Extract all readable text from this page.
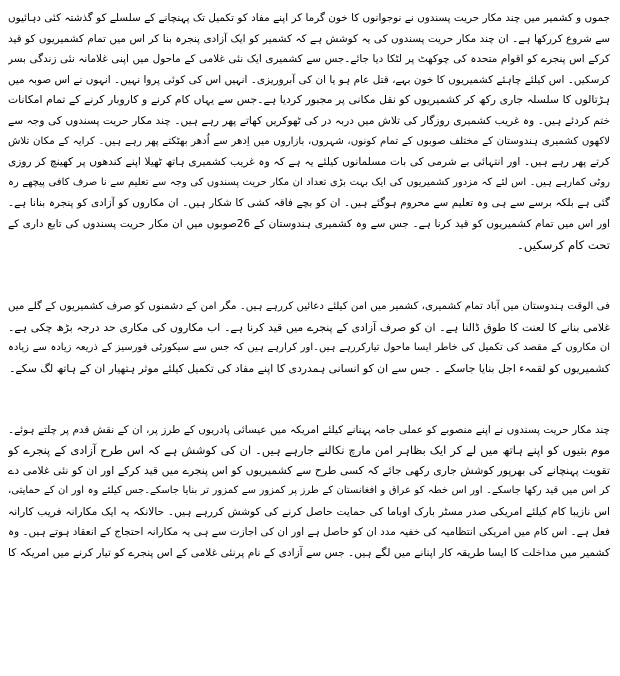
جموں و کشمیر میں چند مکار حریت پسندوں نے نوجوانوں کا خون گرما کر اپنے مفاد کو تکمیل تک پہنچانے کے سلسلے کو گذشتہ کئی دہائیوں
سے شروع کررکھا ہے۔ ان چند مکار حریت پسندوں کی یہ کوشش ہے کہ کشمیر کو ایک آزادی پنجرہ بنا کر اس میں تمام کشمیریوں کو قید
کرکے اس پنجرے کو اقوام متحدہ کی چوکھٹ پر لٹکا دیا جائے۔جس سے کشمیری ایک نئی غلامی کے ماحول میں اپنی غلامانہ نئی زندگی بسر
کرسکیں۔ اس کیلئے چاہئے کشمیریوں کا خون بہے، قتل عام ہو یا ان کی آبروریزی۔ انہیں اس کی کوئی پروا نہیں۔ انہوں نے اس صوبہ میں
ہڑتالوں کا سلسلہ جاری رکھ کر کشمیریوں کو نقل مکانی پر مجبور کردیا ہے۔جس سے یہاں کام کرنے و کاروبار کرنے کے تمام امکانات
ختم کردئے ہیں۔ وہ غریب کشمیری روزگار کی تلاش میں دربہ در کی ٹھوکریں کھاتے پھر رہے ہیں۔ چند مکار حریت پسندوں کی وجہ سے
لاکھوں کشمیری ہندوستان کے مختلف صوبوں کے تمام کونوں، شہروں، بازاروں میں اِدھر سے اُدھر بھٹکتے پھر رہے ہیں۔ کرایہ کے مکان تلاش
کرتے پھر رہے ہیں۔ اور انتہائی بے شرمی کی بات مسلمانوں کیلئے یہ ہے کہ وہ غریب کشمیری ہاتھ ٹھیلا اپنے کندھوں پر کھینچ کر روزی
روٹی کمارہے ہیں۔ اس لئے کہ مزدور کشمیریوں کی ایک بہت بڑی تعداد ان مکار حریت پسندوں کی وجہ سے تعلیم سے نا صرف کافی پیچھے رہ
گئی ہے بلکہ برسے سے ہی وہ تعلیم سے محروم ہوگئے ہیں۔ ان کو بچے فاقہ کشی کا شکار ہیں۔ ان مکاروں کو آزادی کو پنجرہ بنانا ہے۔
اور اس میں تمام کشمیریوں کو قید کرنا ہے۔ جس سے وہ کشمیری ہندوستان کے 26صوبوں میں ان مکار حریت پسندوں کی تابع داری کے
تحت کام کرسکیں۔
فی الوقت ہندوستان میں آباد تمام کشمیری، کشمیر میں امن کیلئے دعائیں کررہے ہیں۔ مگر امن کے دشمنوں کو صرف کشمیریوں کے گلے میں
غلامی بنانے کا لعنت کا طوق ڈالنا ہے۔ ان کو صرف آزادی کے پنجرے میں قید کرنا ہے۔ اب مکاروں کی مکاری حد درجہ بڑھ چکی ہے۔
ان مکاروں کے مقصد کی تکمیل کی خاطر ایسا ماحول تیارکررہے ہیں۔اور کرارہے ہیں کہ جس سے سیکورٹی فورسیز کے ذریعہ زیادہ سے زیادہ
کشمیریوں کو لقمہء اجل بنایا جاسکے ۔ جس سے ان کو انسانی ہمدردی کا اپنے مفاد کی تکمیل کیلئے موثر ہتھیار ان کے ہاتھ لگ سکے۔
چند مکار حریت پسندوں نے اپنے منصوبے کو عملی جامہ پہنانے کیلئے امریکہ میں عیسائی پادریوں کے طرز پر، ان کے نقش قدم پر چلتے ہوئے۔
موم بتیوں کو اپنے ہاتھ میں لے کر ایک بظاہر امن مارچ نکالنے جارہے ہیں۔ ان کی کوشش ہے کہ اس طرح آزادی کے پنجرے کو
تقویت پہنچانے کی بھرپور کوشش جاری رکھی جائے کہ کسی طرح سے کشمیریوں کو اس پنجرے میں قید کرکے اور ان کو نئی غلامی دے
کر اس میں قید رکھا جاسکے۔ اور اس خطہ کو عراق و افغانستان کے طرز پر کمزور سے کمزور تر بنایا جاسکے۔جس کیلئے وہ اور ان کے حمایتی،
اس نازیبا کام کیلئے امریکی صدر مسٹر بارک اوباما کی حمایت حاصل کرنے کی کوشش کررہے ہیں۔ حالانکہ یہ ایک مکارانہ فریب کارانہ
فعل ہے۔ اس کام میں امریکی انتظامیہ کی خفیہ مدد ان کو حاصل ہے اور ان کی اجازت سے ہی یہ مکارانہ احتجاج کے انعقاد ہوتے ہیں۔ وہ
کشمیر میں مداخلت کا ایسا طریقہ کار اپنانے میں لگے ہیں۔ جس سے آزادی کے نام پرنئی غلامی کے اس پنجرے کو تیار کرنے میں امریکہ کا
